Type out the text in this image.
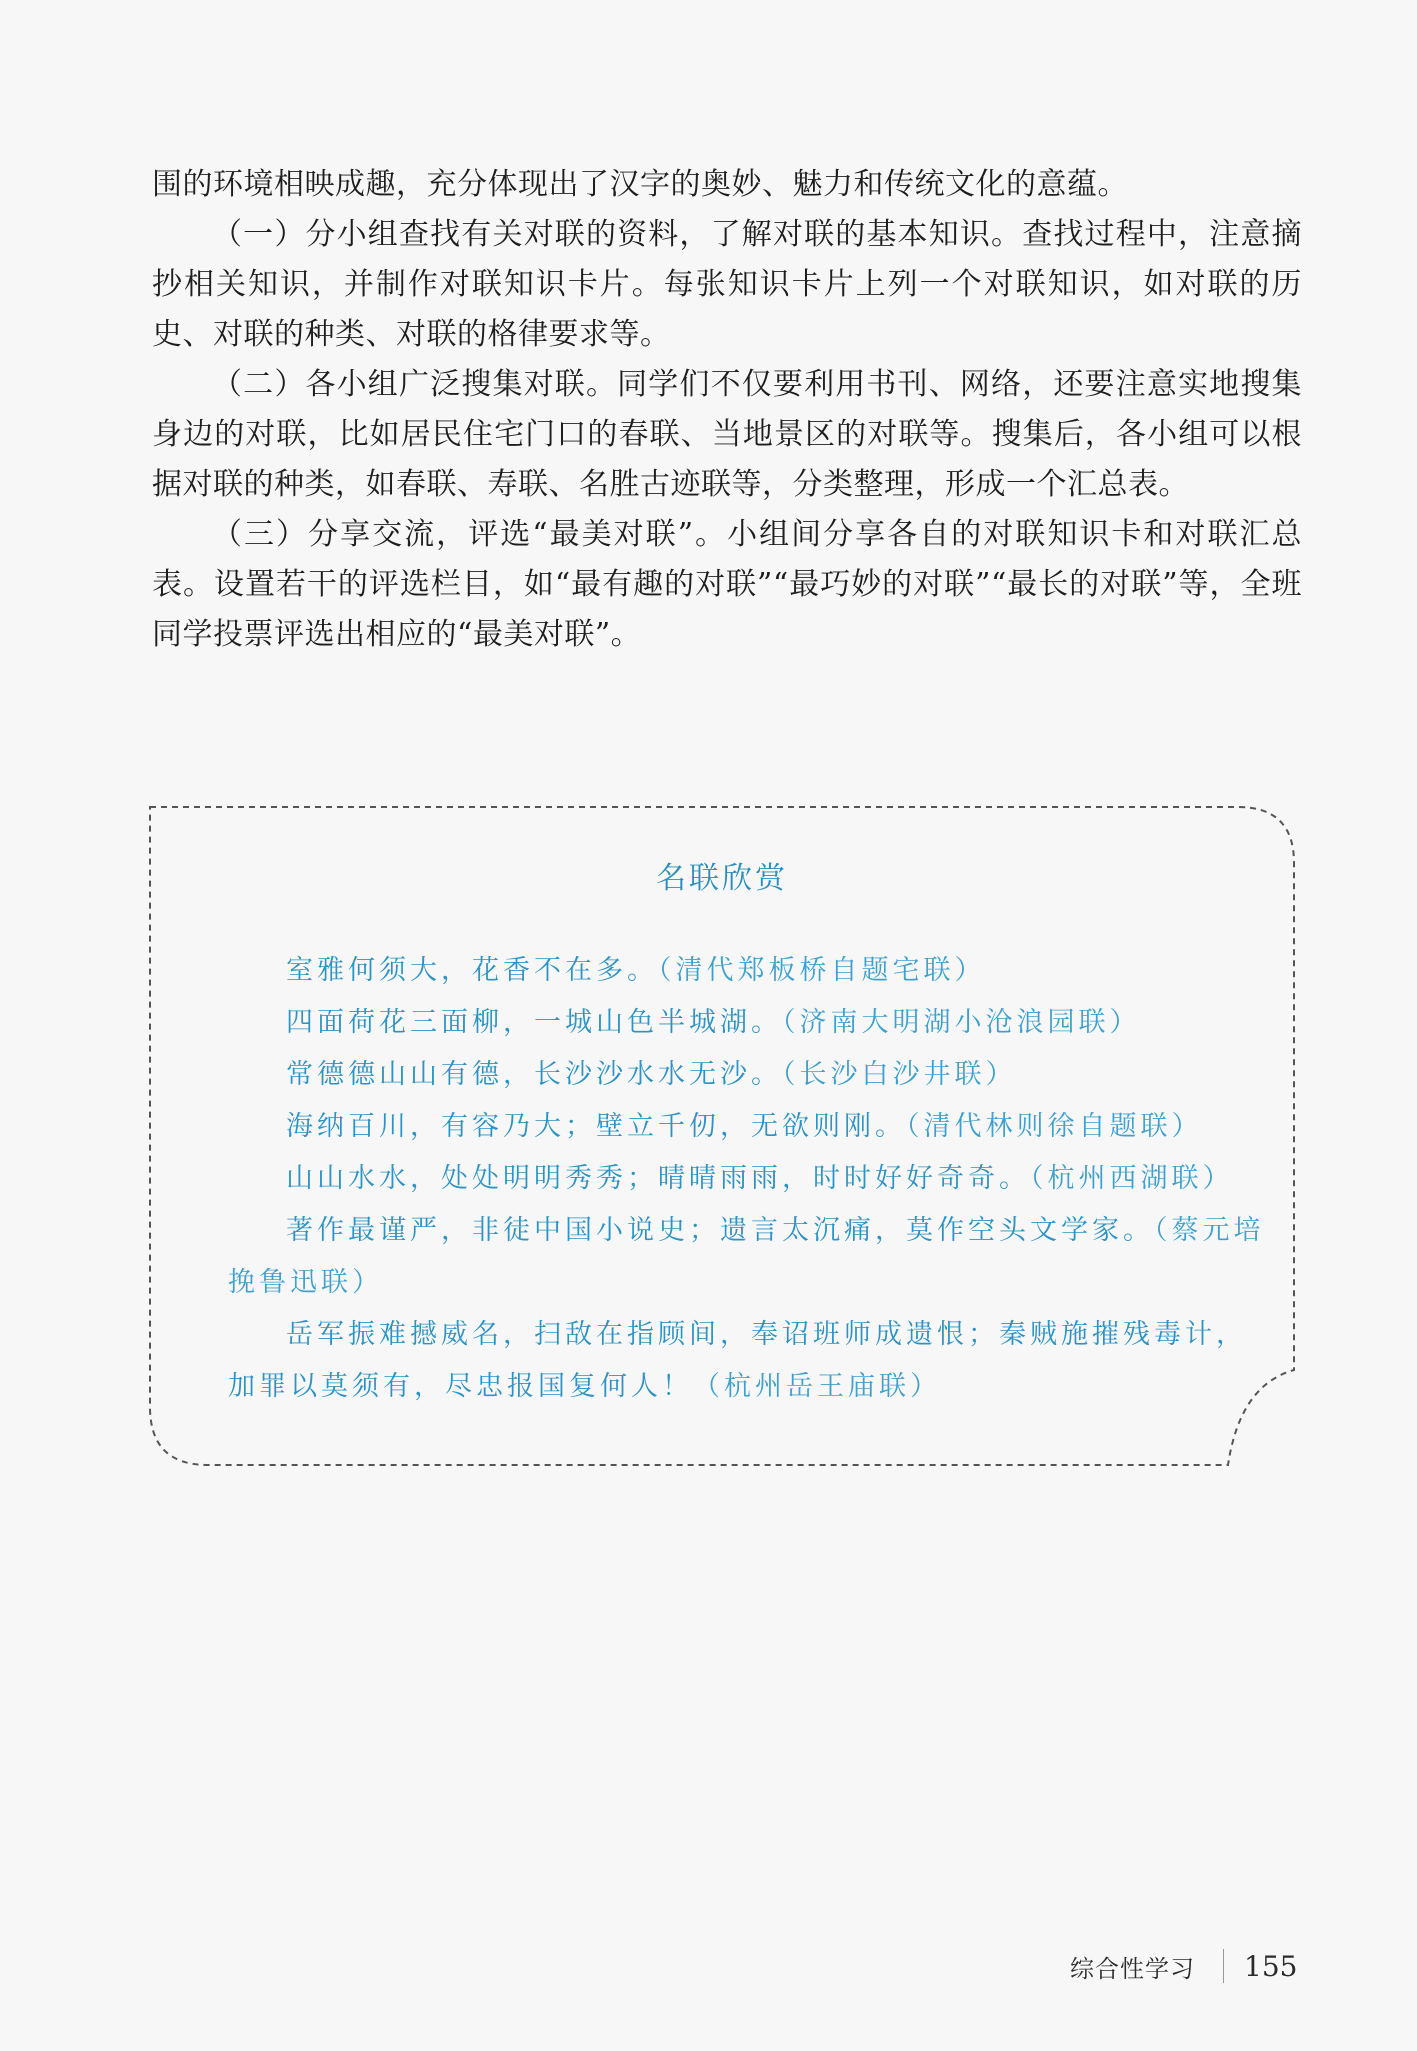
围的环境相映成趣，充分体现出了汉字的奥妙、魅力和传统文化的意蕴。

（一）分小组查找有关对联的资料，了解对联的基本知识。查找过程中，注意摘抄相关知识，并制作对联知识卡片。每张知识卡片上列一个对联知识，如对联的历史、对联的种类、对联的格律要求等。

（二）各小组广泛搜集对联。同学们不仅要利用书刊、网络，还要注意实地搜集身边的对联，比如居民住宅门口的春联、当地景区的对联等。搜集后，各小组可以根据对联的种类，如春联、寿联、名胜古迹联等，分类整理，形成一个汇总表。

（三）分享交流，评选“最美对联”。小组间分享各自的对联知识卡和对联汇总表。设置若干的评选栏目，如“最有趣的对联”“最巧妙的对联”“最长的对联”等，全班同学投票评选出相应的“最美对联”。

名联欣赏

室雅何须大，花香不在多。（清代郑板桥自题宅联）

四面荷花三面柳，一城山色半城湖。（济南大明湖小沧浪园联）

常德德山山有德，长沙沙水水无沙。（长沙白沙井联）

海纳百川，有容乃大；壁立千仞，无欲则刚。（清代林则徐自题联）

山山水水，处处明明秀秀；晴晴雨雨，时时好好奇奇。（杭州西湖联）

著作最谨严，非徒中国小说史；遗言太沉痛，莫作空头文学家。（蔡元培挽鲁迅联）

岳军振难撼威名，扫敌在指顾间，奉诏班师成遗恨；秦贼施摧残毒计，加罪以莫须有，尽忠报国复何人！（杭州岳王庙联）

综合性学习 155
